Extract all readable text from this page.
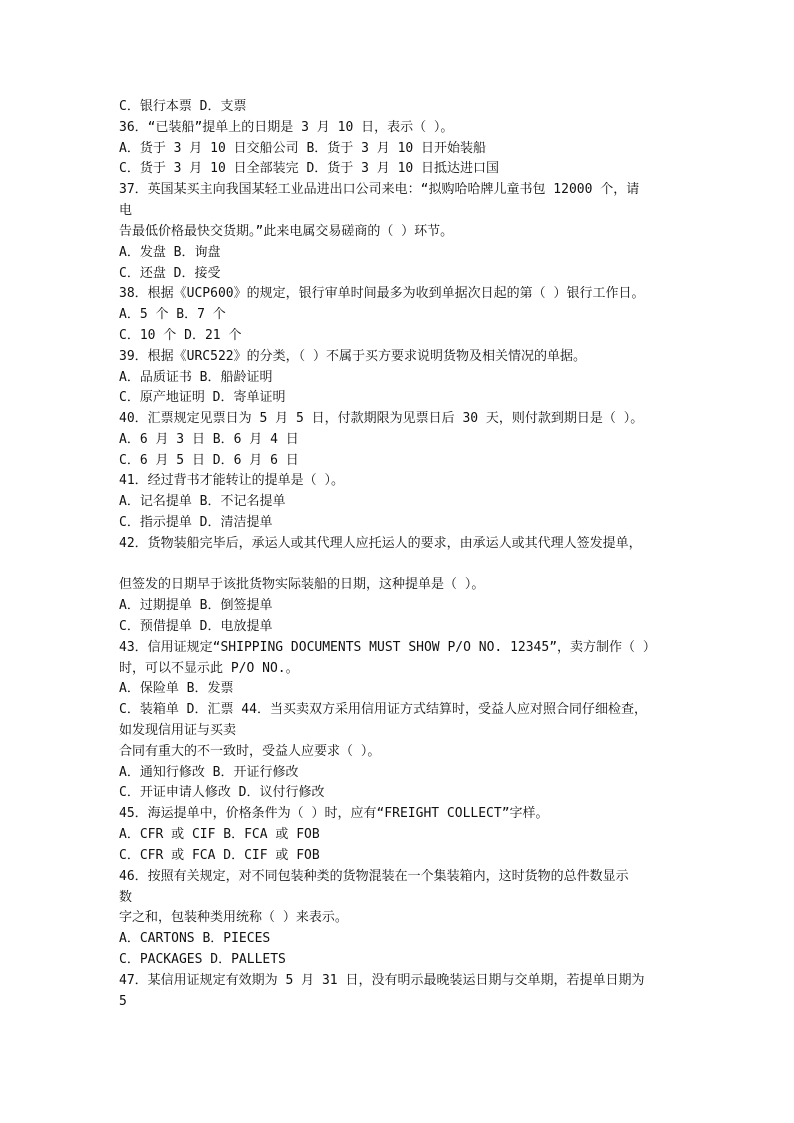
C．银行本票 D．支票
36．“已装船”提单上的日期是 3 月 10 日，表示（ ）。
A．货于 3 月 10 日交船公司 B．货于 3 月 10 日开始装船
C．货于 3 月 10 日全部装完 D．货于 3 月 10 日抵达进口国
37．英国某买主向我国某轻工业品进出口公司来电：“拟购哈哈牌儿童书包 12000 个，请
电
告最低价格最快交货期。”此来电属交易磋商的（ ）环节。
A．发盘 B．询盘
C．还盘 D．接受
38．根据《UCP600》的规定，银行审单时间最多为收到单据次日起的第（ ）银行工作日。
A．5 个 B．7 个
C．10 个 D．21 个
39．根据《URC522》的分类，（ ）不属于买方要求说明货物及相关情况的单据。
A．品质证书 B．船龄证明
C．原产地证明 D．寄单证明
40．汇票规定见票日为 5 月 5 日，付款期限为见票日后 30 天，则付款到期日是（ ）。
A．6 月 3 日 B．6 月 4 日
C．6 月 5 日 D．6 月 6 日
41．经过背书才能转让的提单是（ ）。
A．记名提单 B．不记名提单
C．指示提单 D．清洁提单
42．货物装船完毕后，承运人或其代理人应托运人的要求，由承运人或其代理人签发提单，
但签发的日期早于该批货物实际装船的日期，这种提单是（ ）。
A．过期提单 B．倒签提单
C．预借提单 D．电放提单
43．信用证规定“SHIPPING DOCUMENTS MUST SHOW P/O NO. 12345”，卖方制作（ ）
时，可以不显示此 P/O NO.。
A．保险单 B．发票
C．装箱单 D．汇票 44．当买卖双方采用信用证方式结算时，受益人应对照合同仔细检查，
如发现信用证与买卖
合同有重大的不一致时，受益人应要求（ ）。
A．通知行修改 B．开证行修改
C．开证申请人修改 D．议付行修改
45．海运提单中，价格条件为（ ）时，应有“FREIGHT COLLECT”字样。
A．CFR 或 CIF B．FCA 或 FOB
C．CFR 或 FCA D．CIF 或 FOB
46．按照有关规定，对不同包装种类的货物混装在一个集装箱内，这时货物的总件数显示
数
字之和，包装种类用统称（ ）来表示。
A．CARTONS B．PIECES
C．PACKAGES D．PALLETS
47．某信用证规定有效期为 5 月 31 日，没有明示最晚装运日期与交单期，若提单日期为
5
